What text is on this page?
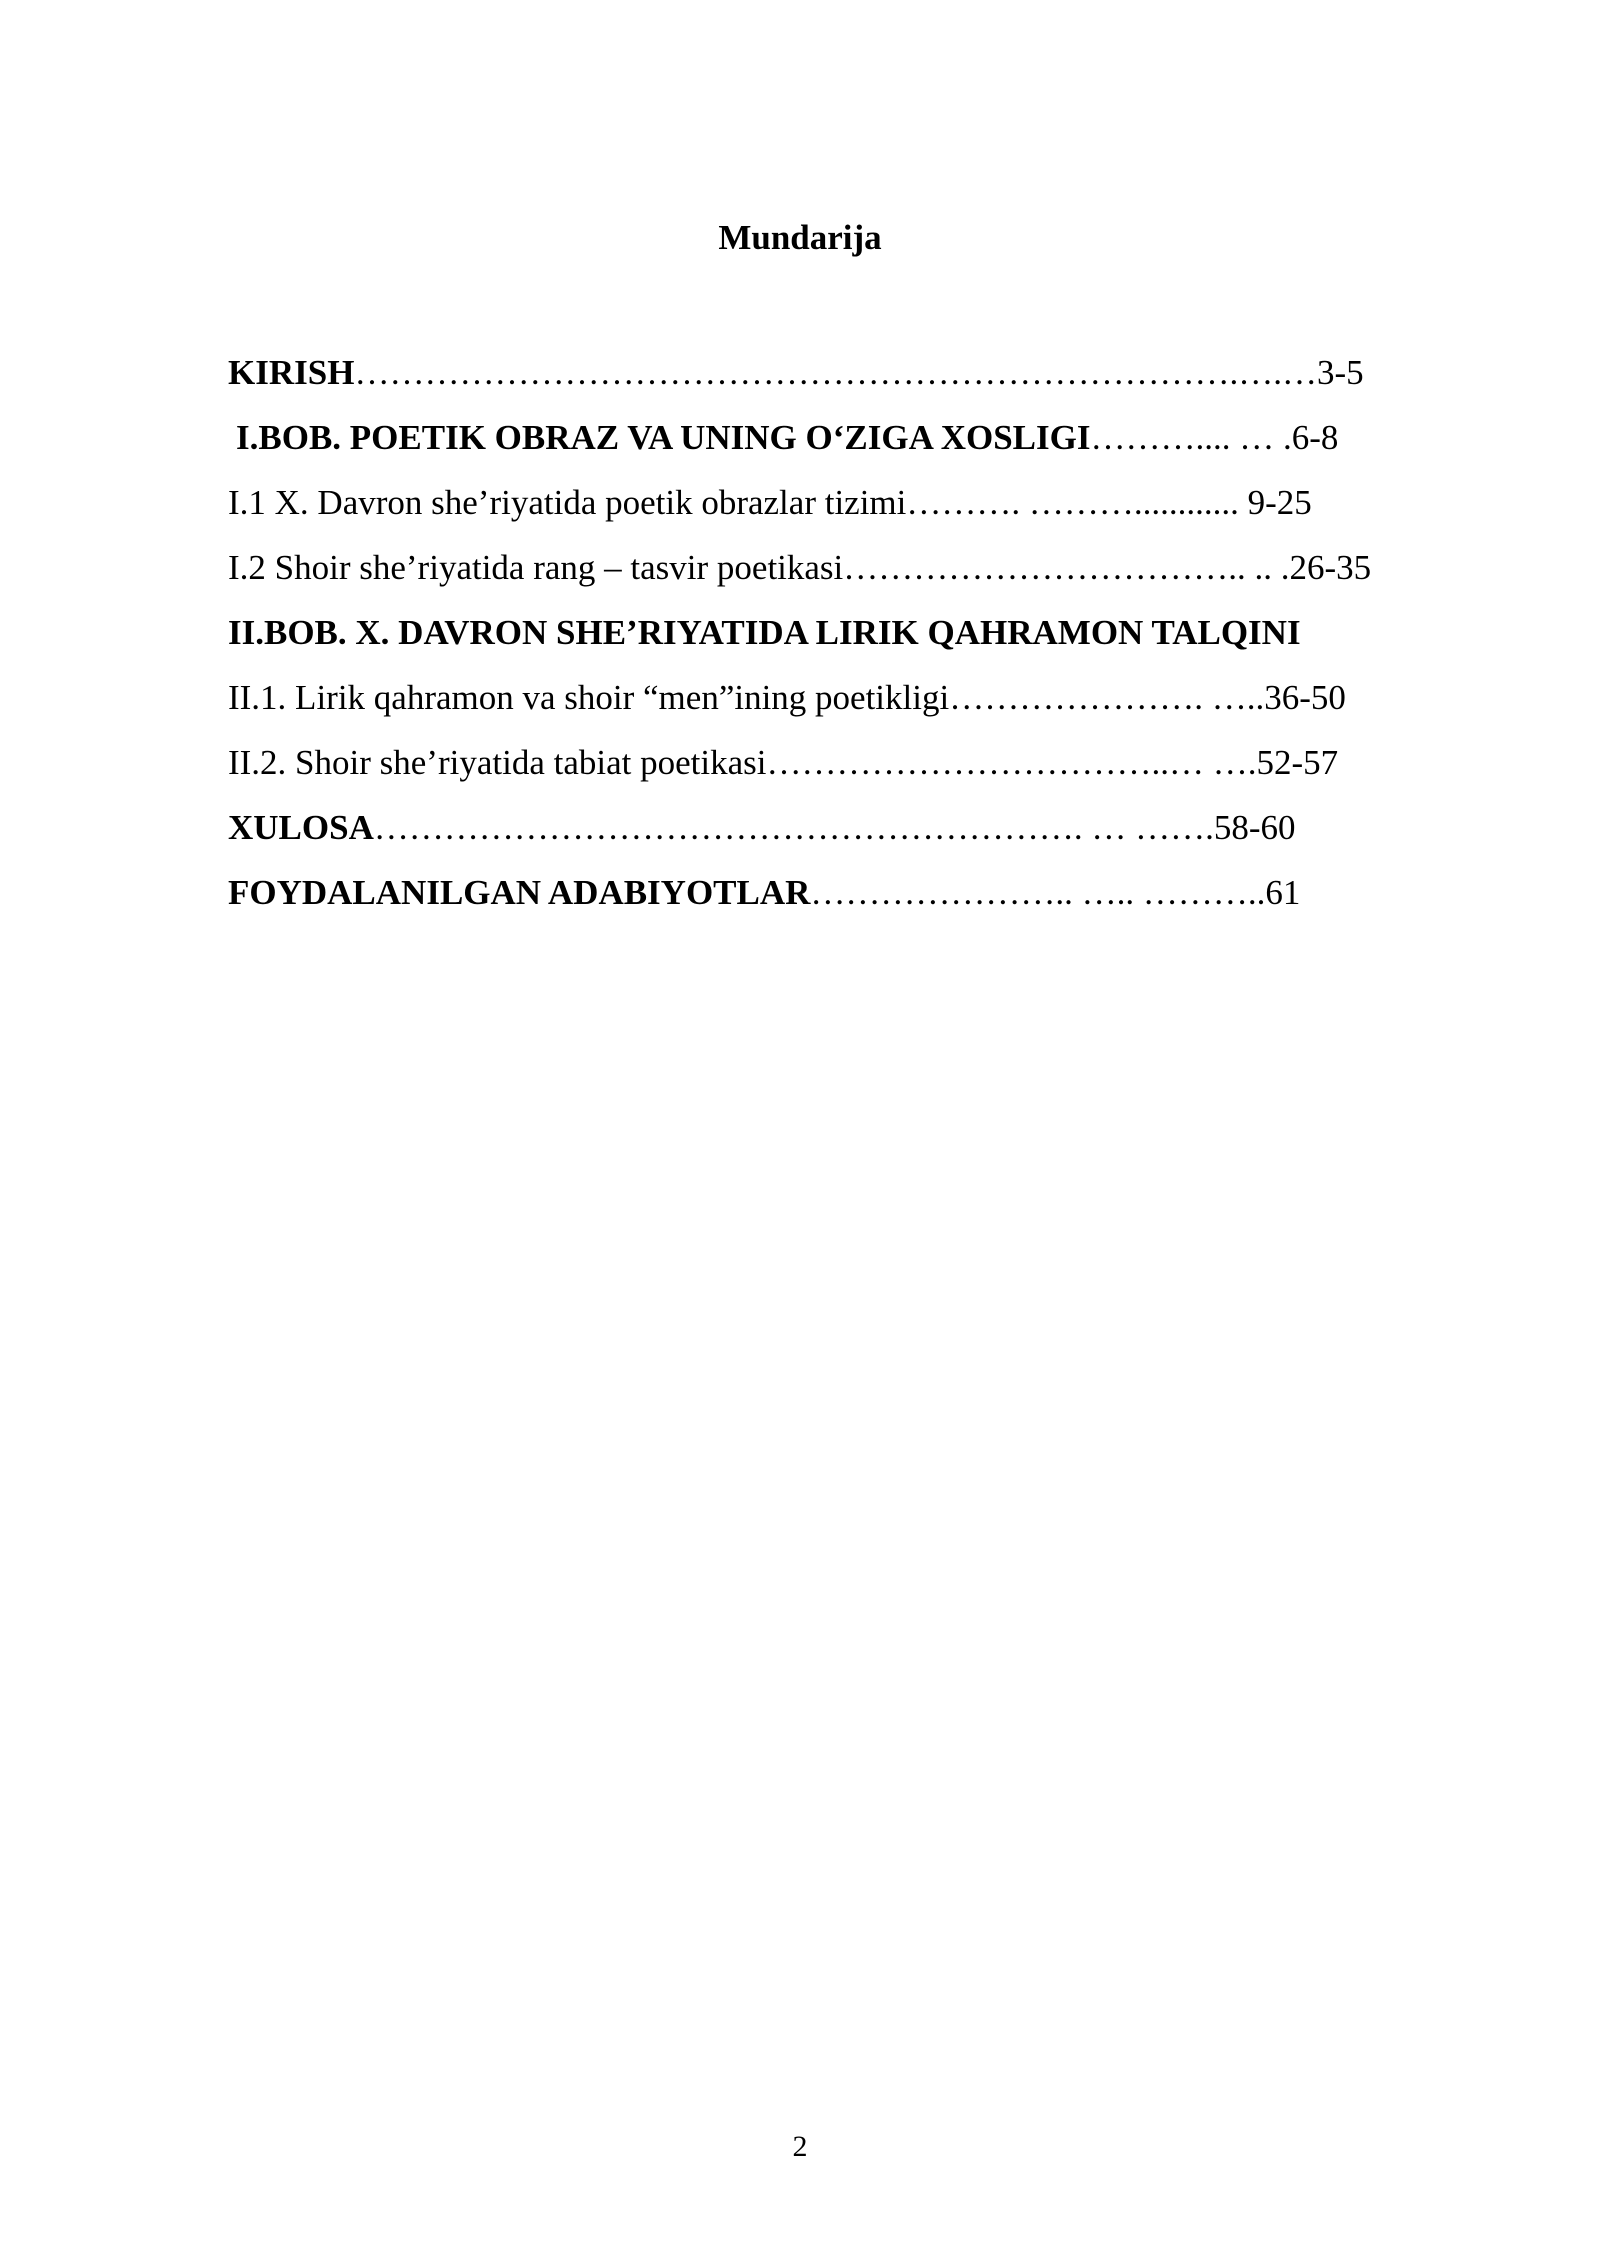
Mundarija
KIRISH………………………………………………………………….….…3-5
I.BOB. POETIK OBRAZ VA UNING O‘ZIGA XOSLIGI……….... … .6-8
I.1 X. Davron she’riyatida poetik obrazlar tizimi………. ………............ 9-25
I.2 Shoir she’riyatida rang – tasvir poetikasi…………………………….. .. .26-35
II.BOB. X. DAVRON SHE’RIYATIDA LIRIK QAHRAMON TALQINI
II.1. Lirik qahramon va shoir “men”ining poetikligi…………………. …..36-50
II.2. Shoir she’riyatida tabiat poetikasi……………………………..… ….52-57
XULOSA……………………………………………………. … …….58-60
FOYDALANILGAN ADABIYOTLAR………………….. ….. ………..61
2
